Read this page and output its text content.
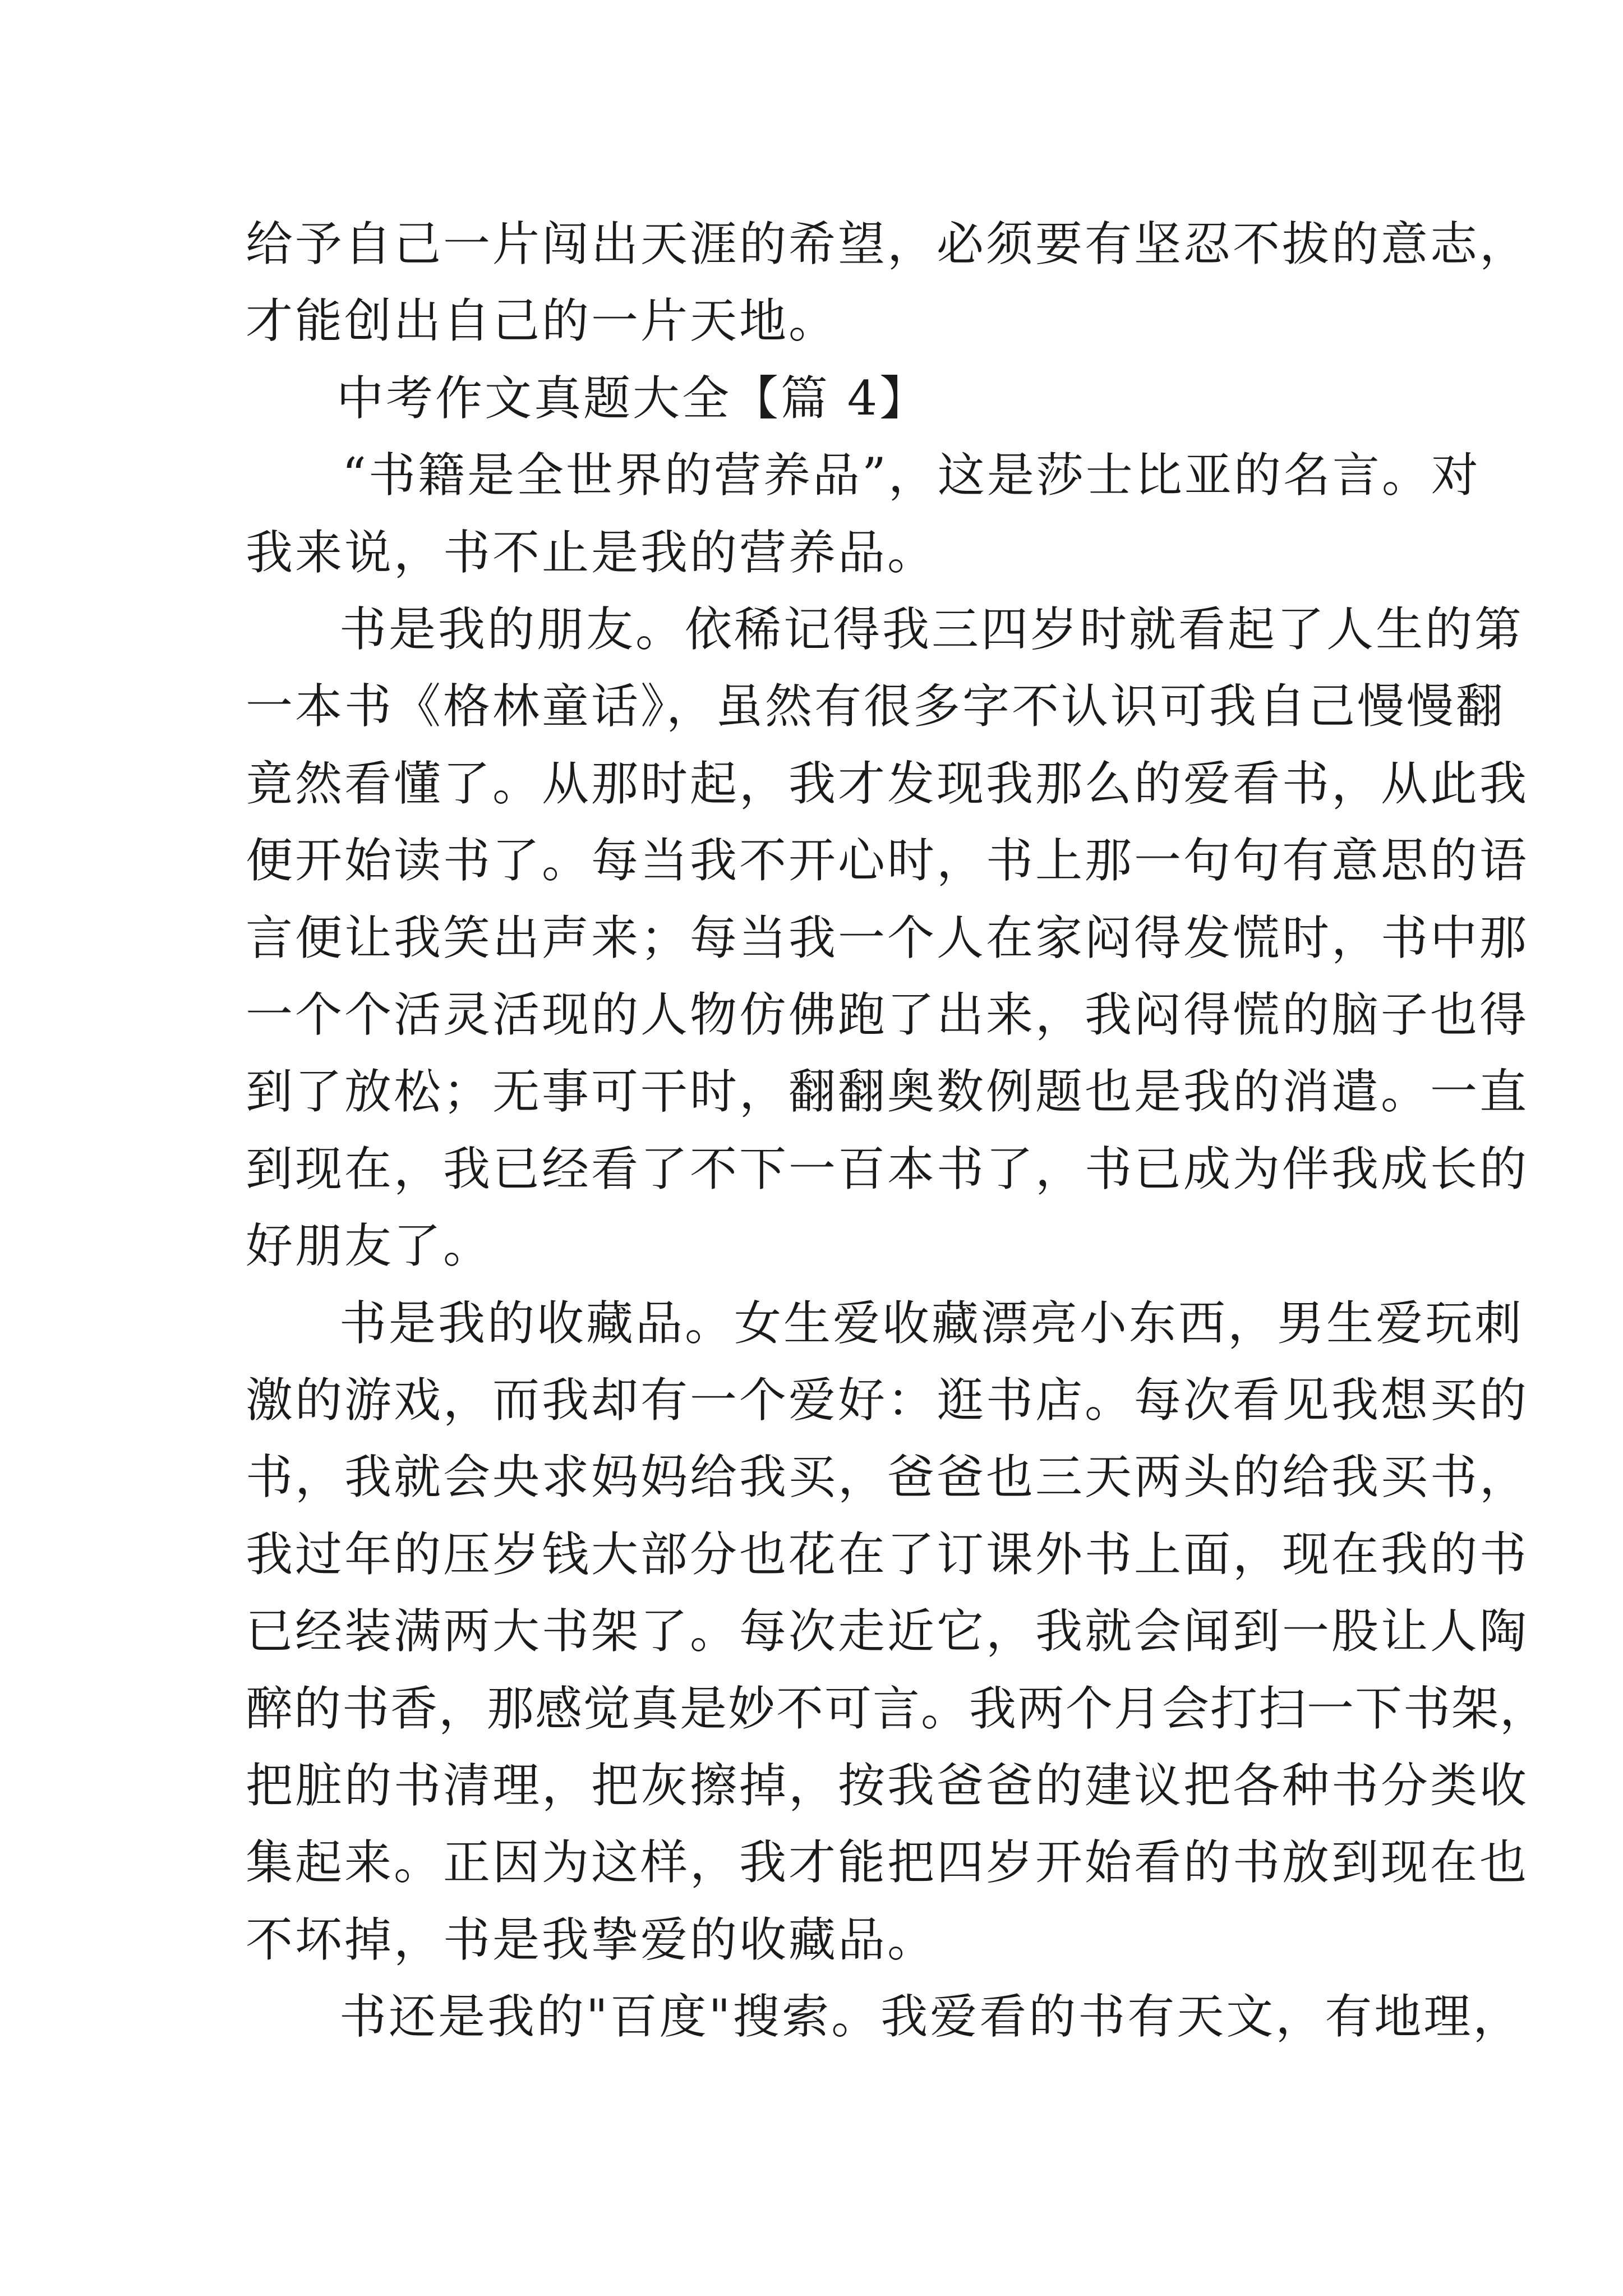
给予自己一片闯出天涯的希望，必须要有坚忍不拔的意志，
才能创出自己的一片天地。
中考作文真题大全【篇 4】
“书籍是全世界的营养品”，这是莎士比亚的名言。对
我来说，书不止是我的营养品。
书是我的朋友。依稀记得我三四岁时就看起了人生的第
一本书《格林童话》，虽然有很多字不认识可我自己慢慢翻
竟然看懂了。从那时起，我才发现我那么的爱看书，从此我
便开始读书了。每当我不开心时，书上那一句句有意思的语
言便让我笑出声来；每当我一个人在家闷得发慌时，书中那
一个个活灵活现的人物仿佛跑了出来，我闷得慌的脑子也得
到了放松；无事可干时，翻翻奥数例题也是我的消遣。一直
到现在，我已经看了不下一百本书了，书已成为伴我成长的
好朋友了。
书是我的收藏品。女生爱收藏漂亮小东西，男生爱玩刺
激的游戏，而我却有一个爱好：逛书店。每次看见我想买的
书，我就会央求妈妈给我买，爸爸也三天两头的给我买书，
我过年的压岁钱大部分也花在了订课外书上面，现在我的书
已经装满两大书架了。每次走近它，我就会闻到一股让人陶
醉的书香，那感觉真是妙不可言。我两个月会打扫一下书架，
把脏的书清理，把灰擦掉，按我爸爸的建议把各种书分类收
集起来。正因为这样，我才能把四岁开始看的书放到现在也
不坏掉，书是我挚爱的收藏品。
书还是我的"百度"搜索。我爱看的书有天文，有地理，
